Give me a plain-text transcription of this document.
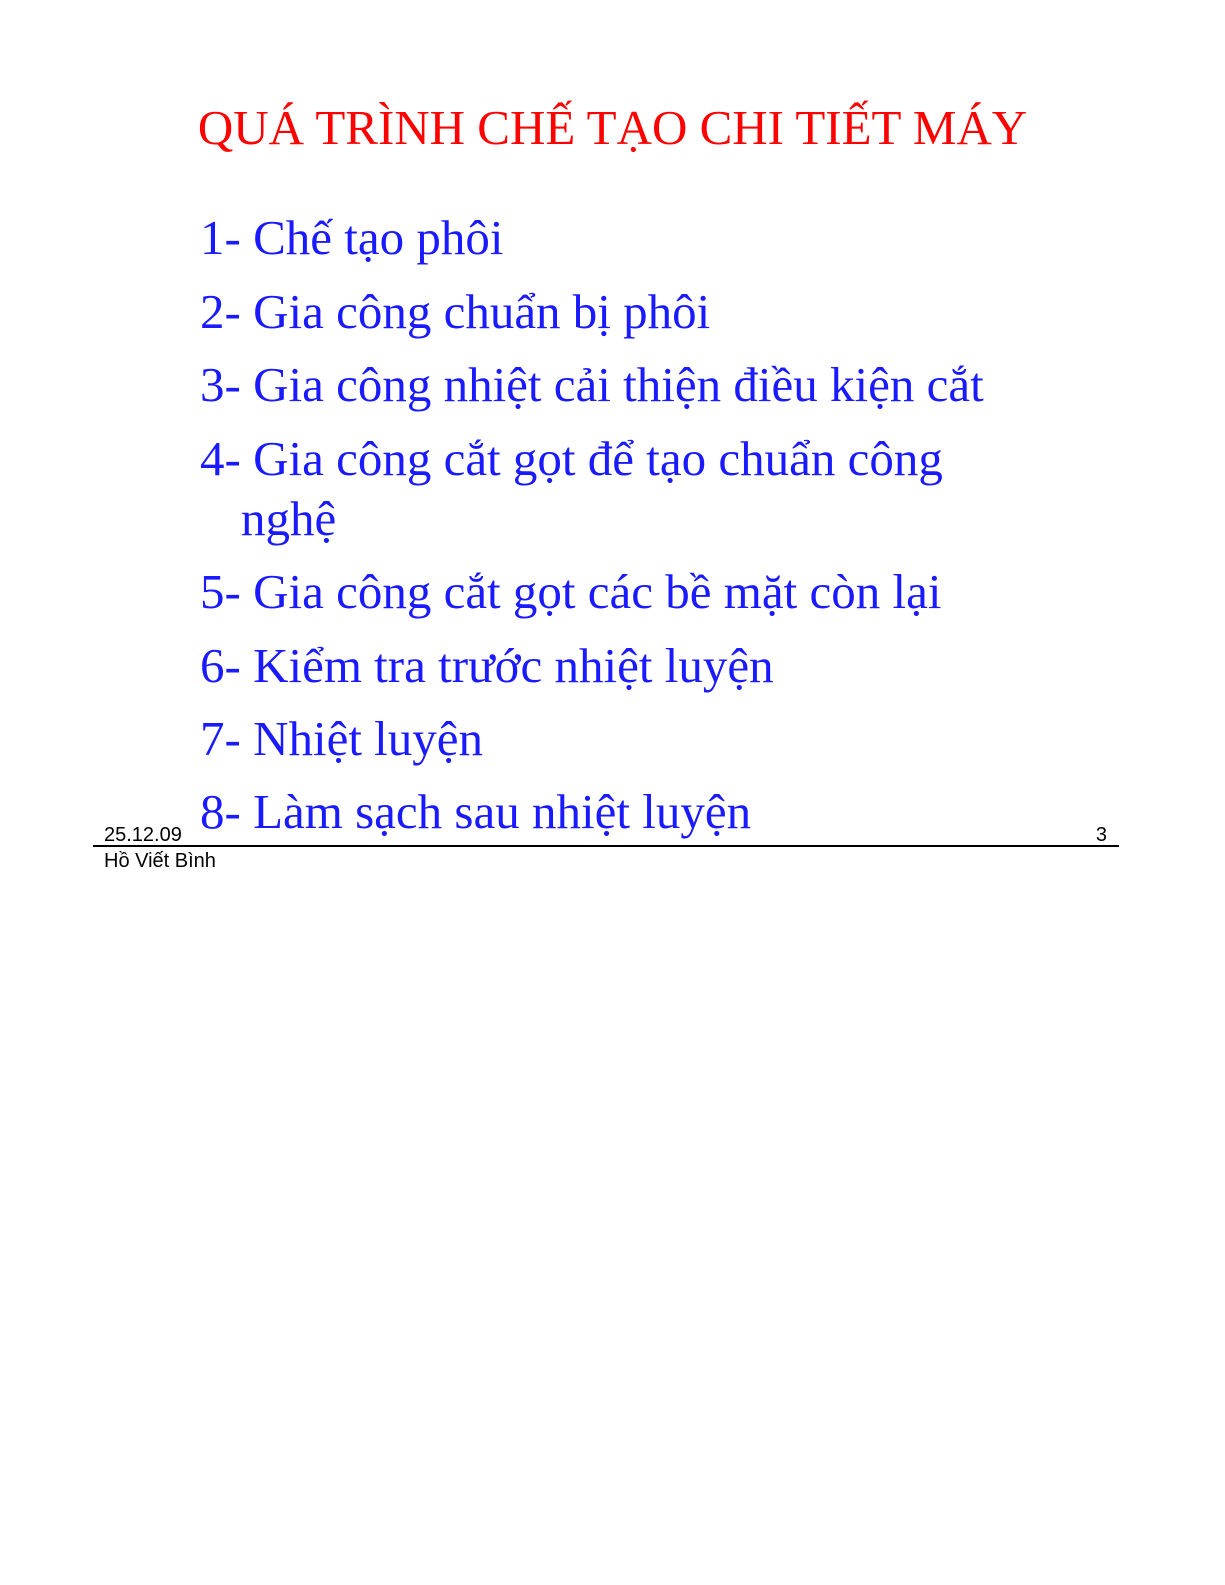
QUÁ TRÌNH CHẾ TẠO CHI TIẾT MÁY
1- Chế tạo phôi
2- Gia công chuẩn bị phôi
3- Gia công nhiệt cải thiện điều kiện cắt
4- Gia công cắt gọt để tạo chuẩn công
nghệ
5- Gia công cắt gọt các bề mặt còn lại
6- Kiểm tra trước nhiệt luyện
7- Nhiệt luyện
8- Làm sạch sau nhiệt luyện
25.12.09	3
Hồ Viết Bình
